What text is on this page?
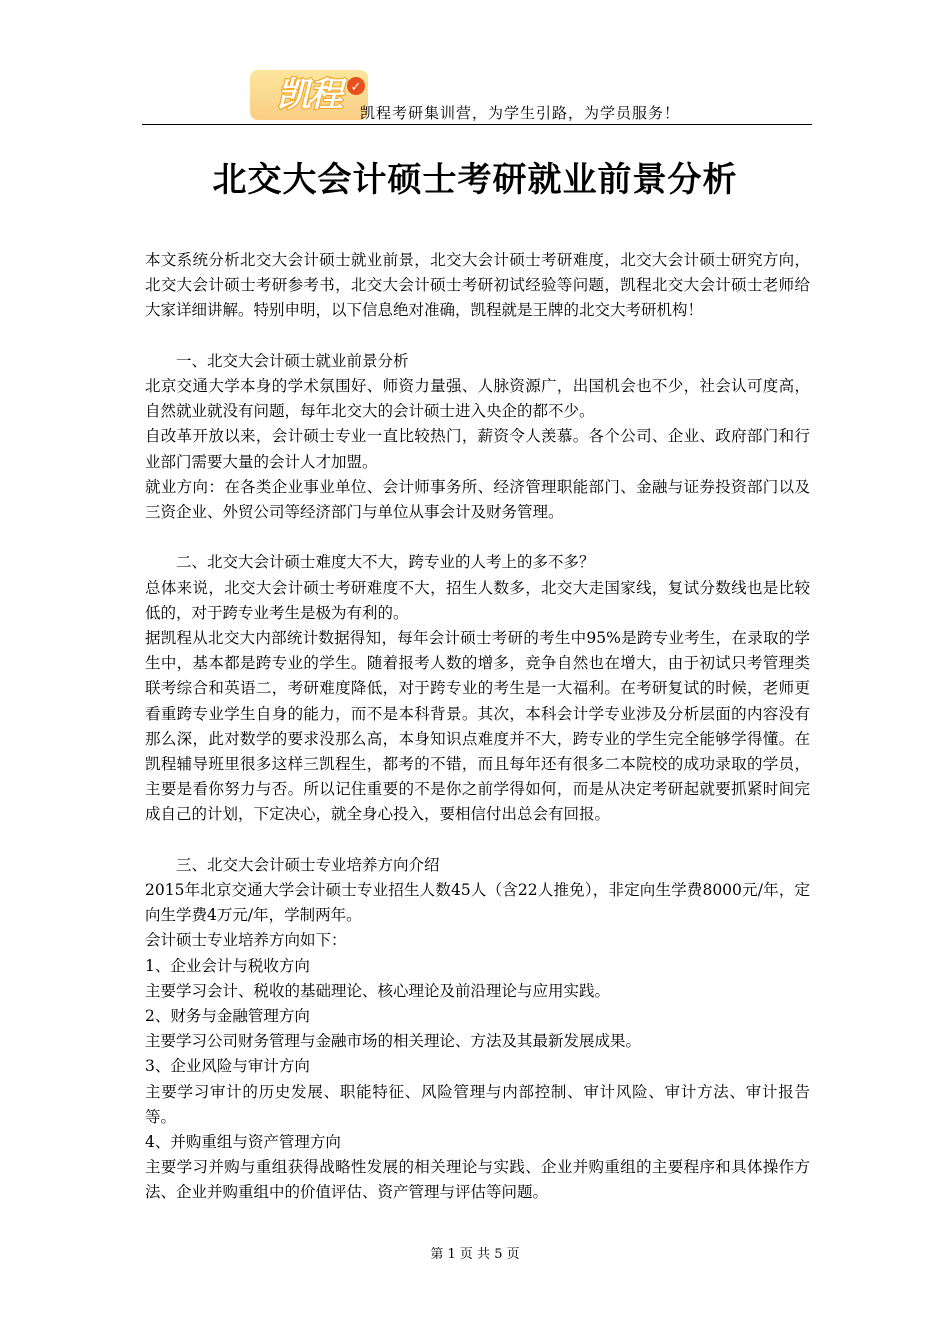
凯程 ✓
凯程考研集训营，为学生引路，为学员服务！
北交大会计硕士考研就业前景分析

本文系统分析北交大会计硕士就业前景，北交大会计硕士考研难度，北交大会计硕士研究方向，北交大会计硕士考研参考书，北交大会计硕士考研初试经验等问题，凯程北交大会计硕士老师给大家详细讲解。特别申明，以下信息绝对准确，凯程就是王牌的北交大考研机构！

一、北交大会计硕士就业前景分析

北京交通大学本身的学术氛围好、师资力量强、人脉资源广，出国机会也不少，社会认可度高，自然就业就没有问题，每年北交大的会计硕士进入央企的都不少。

自改革开放以来，会计硕士专业一直比较热门，薪资令人羡慕。各个公司、企业、政府部门和行业部门需要大量的会计人才加盟。

就业方向：在各类企业事业单位、会计师事务所、经济管理职能部门、金融与证券投资部门以及三资企业、外贸公司等经济部门与单位从事会计及财务管理。

二、北交大会计硕士难度大不大，跨专业的人考上的多不多？

总体来说，北交大会计硕士考研难度不大，招生人数多，北交大走国家线，复试分数线也是比较低的，对于跨专业考生是极为有利的。

据凯程从北交大内部统计数据得知，每年会计硕士考研的考生中95%是跨专业考生，在录取的学生中，基本都是跨专业的学生。随着报考人数的增多，竞争自然也在增大，由于初试只考管理类联考综合和英语二，考研难度降低，对于跨专业的考生是一大福利。在考研复试的时候，老师更看重跨专业学生自身的能力，而不是本科背景。其次，本科会计学专业涉及分析层面的内容没有那么深，此对数学的要求没那么高，本身知识点难度并不大，跨专业的学生完全能够学得懂。在凯程辅导班里很多这样三凯程生，都考的不错，而且每年还有很多二本院校的成功录取的学员，主要是看你努力与否。所以记住重要的不是你之前学得如何，而是从决定考研起就要抓紧时间完成自己的计划，下定决心，就全身心投入，要相信付出总会有回报。

三、北交大会计硕士专业培养方向介绍

2015年北京交通大学会计硕士专业招生人数45人（含22人推免），非定向生学费8000元/年，定向生学费4万元/年，学制两年。

会计硕士专业培养方向如下：

1、企业会计与税收方向

主要学习会计、税收的基础理论、核心理论及前沿理论与应用实践。

2、财务与金融管理方向

主要学习公司财务管理与金融市场的相关理论、方法及其最新发展成果。

3、企业风险与审计方向

主要学习审计的历史发展、职能特征、风险管理与内部控制、审计风险、审计方法、审计报告等。

4、并购重组与资产管理方向

主要学习并购与重组获得战略性发展的相关理论与实践、企业并购重组的主要程序和具体操作方法、企业并购重组中的价值评估、资产管理与评估等问题。

第 1 页 共 5 页
